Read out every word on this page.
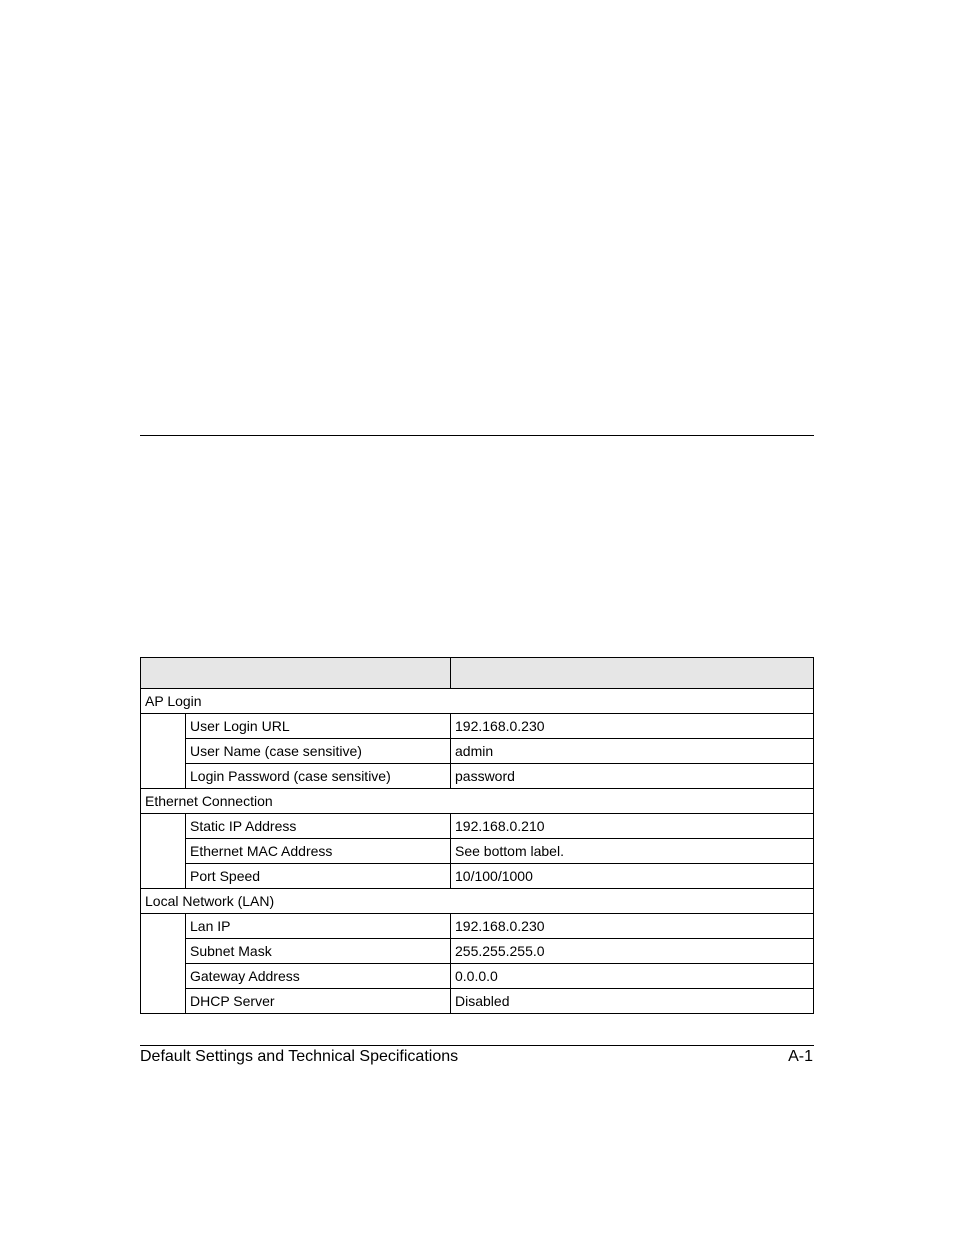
AP Login		
	User Login URL	192.168.0.230
	User Name (case sensitive)	admin
	Login Password (case sensitive)	password
Ethernet Connection		
	Static IP Address	192.168.0.210
	Ethernet MAC Address	See bottom label.
	Port Speed	10/100/1000
Local Network (LAN)		
	Lan IP	192.168.0.230
	Subnet Mask	255.255.255.0
	Gateway Address	0.0.0.0
	DHCP Server	Disabled
Default Settings and Technical Specifications	A-1
